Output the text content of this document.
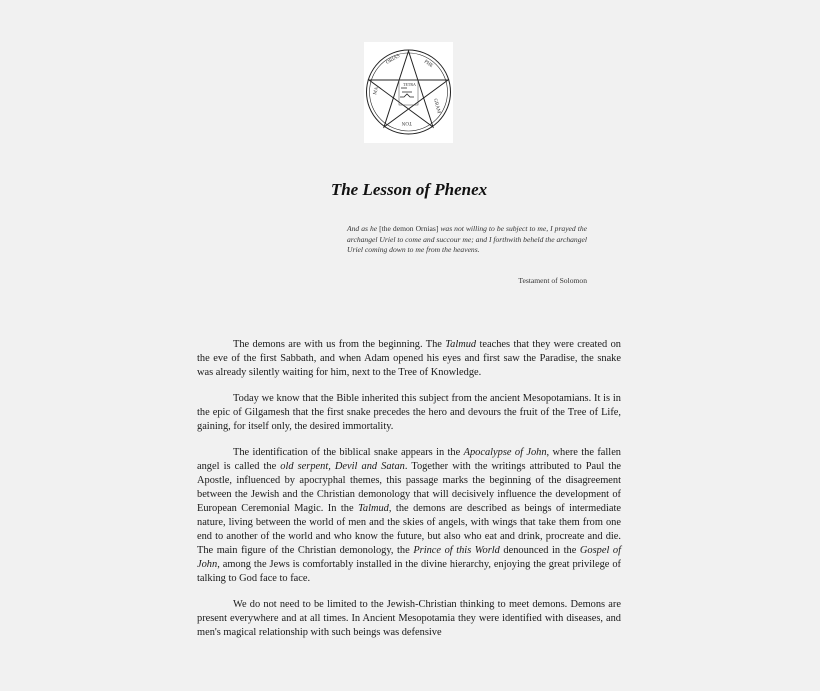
ORIAS	PHE
TETRA
GRAM
MA
TON
The Lesson of Phenex
And as he [the demon Ornias] was not willing to be subject to me, I prayed the archangel Uriel to come and succour me; and I forthwith beheld the archangel Uriel coming down to me from the heavens.
Testament of Solomon

The demons are with us from the beginning. The Talmud teaches that they were created on the eve of the first Sabbath, and when Adam opened his eyes and first saw the Paradise, the snake was already silently waiting for him, next to the Tree of Knowledge.

Today we know that the Bible inherited this subject from the ancient Mesopotamians. It is in the epic of Gilgamesh that the first snake precedes the hero and devours the fruit of the Tree of Life, gaining, for itself only, the desired immortality.

The identification of the biblical snake appears in the Apocalypse of John, where the fallen angel is called the old serpent, Devil and Satan. Together with the writings attributed to Paul the Apostle, influenced by apocryphal themes, this passage marks the beginning of the disagreement between the Jewish and the Christian demonology that will decisively influence the development of European Ceremonial Magic. In the Talmud, the demons are described as beings of intermediate nature, living between the world of men and the skies of angels, with wings that take them from one end to another of the world and who know the future, but also who eat and drink, procreate and die. The main figure of the Christian demonology, the Prince of this World denounced in the Gospel of John, among the Jews is comfortably installed in the divine hierarchy, enjoying the great privilege of talking to God face to face.

We do not need to be limited to the Jewish-Christian thinking to meet demons. Demons are present everywhere and at all times. In Ancient Mesopotamia they were identified with diseases, and men's magical relationship with such beings was defensive
